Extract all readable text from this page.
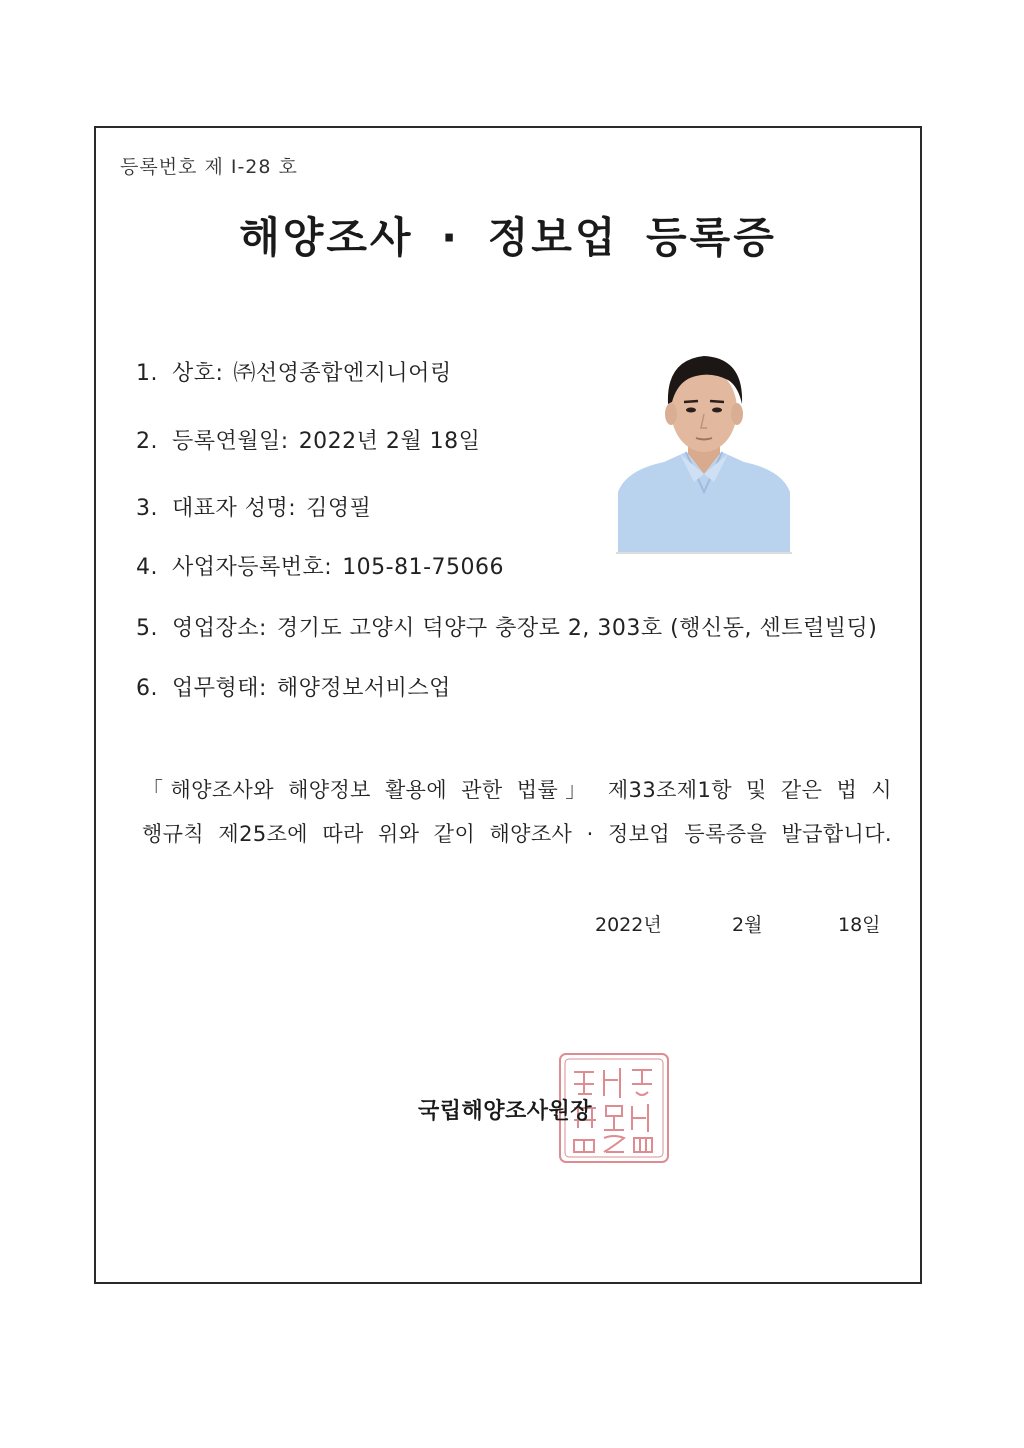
등록번호 제 I-28 호
해양조사 · 정보업 등록증
1. 상호: ㈜선영종합엔지니어링
2. 등록연월일: 2022년 2월 18일
3. 대표자 성명: 김영필
4. 사업자등록번호: 105-81-75066
5. 영업장소: 경기도 고양시 덕양구 충장로 2, 303호 (행신동, 센트럴빌딩)
6. 업무형태: 해양정보서비스업
「해양조사와 해양정보 활용에 관한 법률」 제33조제1항 및 같은 법 시
행규칙 제25조에 따라 위와 같이 해양조사 · 정보업 등록증을 발급합니다.
2022년	2월	18일
국립해양조사원장
